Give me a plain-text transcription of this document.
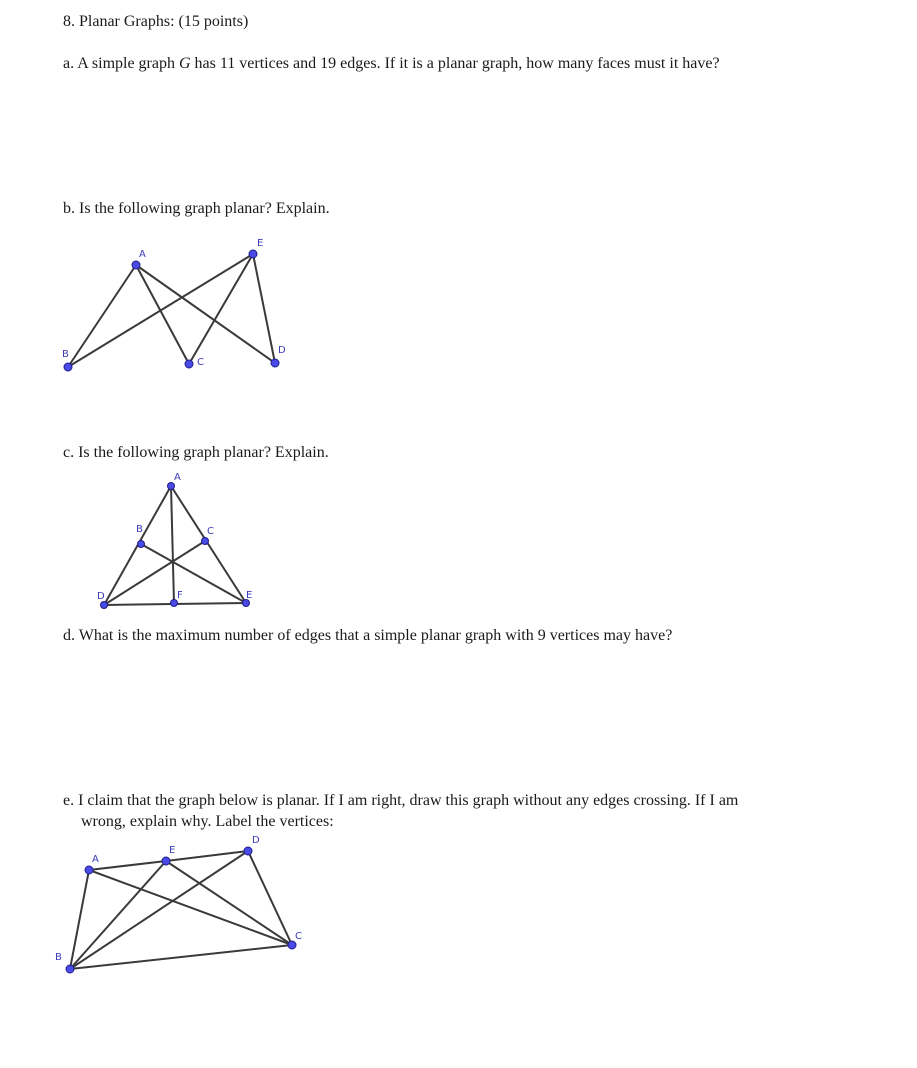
8. Planar Graphs: (15 points)
a. A simple graph G has 11 vertices and 19 edges. If it is a planar graph, how many faces must it have?
b. Is the following graph planar? Explain.
A
B
C
D
E
c. Is the following graph planar? Explain.
A
B	C
D	E
F
d. What is the maximum number of edges that a simple planar graph with 9 vertices may have?
e. I claim that the graph below is planar. If I am right, draw this graph without any edges crossing. If I am
wrong, explain why. Label the vertices:
A
B
C
D
E
